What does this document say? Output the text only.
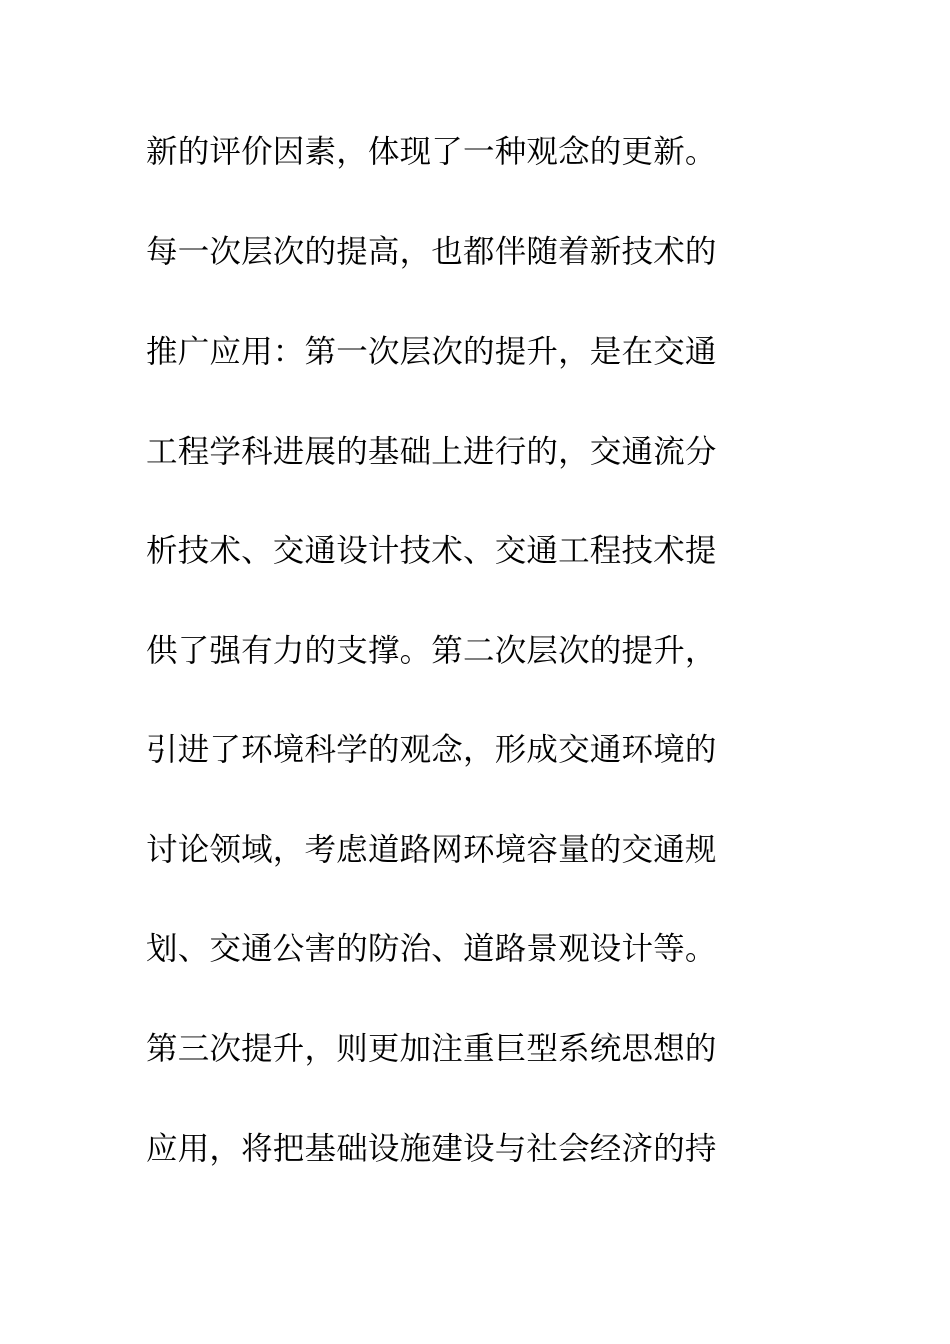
新的评价因素，体现了一种观念的更新。
每一次层次的提高，也都伴随着新技术的
推广应用：第一次层次的提升，是在交通
工程学科进展的基础上进行的，交通流分
析技术、交通设计技术、交通工程技术提
供了强有力的支撑。第二次层次的提升，
引进了环境科学的观念，形成交通环境的
讨论领域，考虑道路网环境容量的交通规
划、交通公害的防治、道路景观设计等。
第三次提升，则更加注重巨型系统思想的
应用，将把基础设施建设与社会经济的持
